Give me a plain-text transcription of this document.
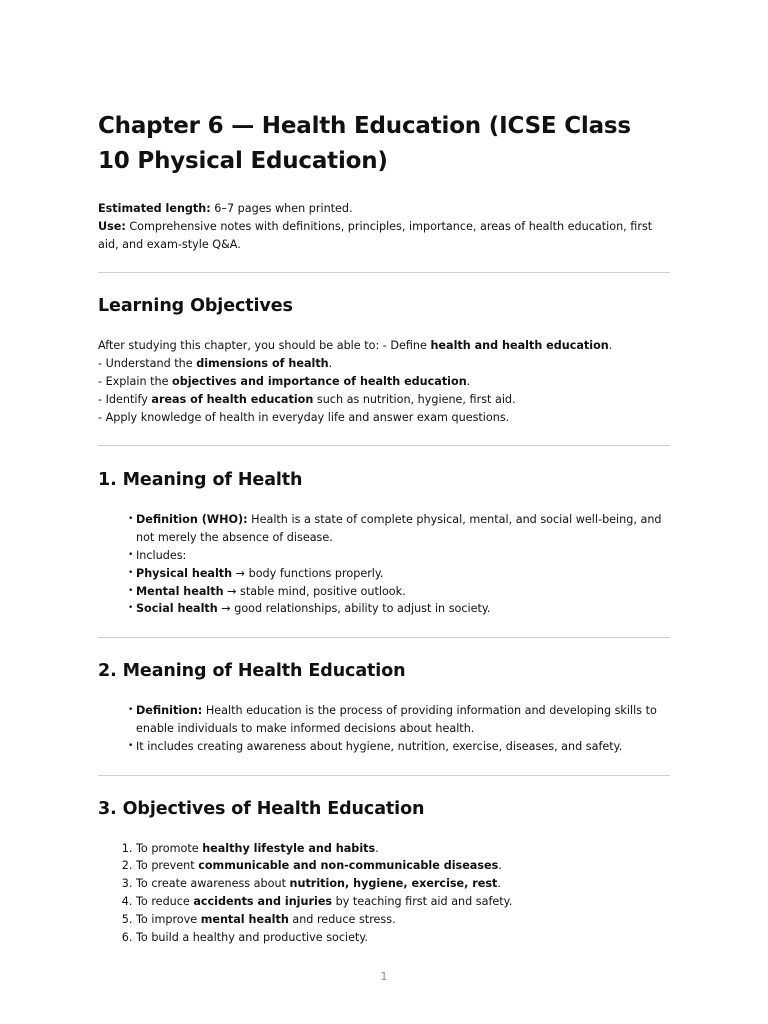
Chapter 6 — Health Education (ICSE Class 10 Physical Education)
Estimated length: 6–7 pages when printed.
Use: Comprehensive notes with definitions, principles, importance, areas of health education, first aid, and exam-style Q&A.
Learning Objectives
After studying this chapter, you should be able to: - Define health and health education.
- Understand the dimensions of health.
- Explain the objectives and importance of health education.
- Identify areas of health education such as nutrition, hygiene, first aid.
- Apply knowledge of health in everyday life and answer exam questions.
1. Meaning of Health
• Definition (WHO): Health is a state of complete physical, mental, and social well-being, and not merely the absence of disease.
• Includes:
• Physical health → body functions properly.
• Mental health → stable mind, positive outlook.
• Social health → good relationships, ability to adjust in society.
2. Meaning of Health Education
• Definition: Health education is the process of providing information and developing skills to enable individuals to make informed decisions about health.
• It includes creating awareness about hygiene, nutrition, exercise, diseases, and safety.
3. Objectives of Health Education
1. To promote healthy lifestyle and habits.
2. To prevent communicable and non-communicable diseases.
3. To create awareness about nutrition, hygiene, exercise, rest.
4. To reduce accidents and injuries by teaching first aid and safety.
5. To improve mental health and reduce stress.
6. To build a healthy and productive society.
1
